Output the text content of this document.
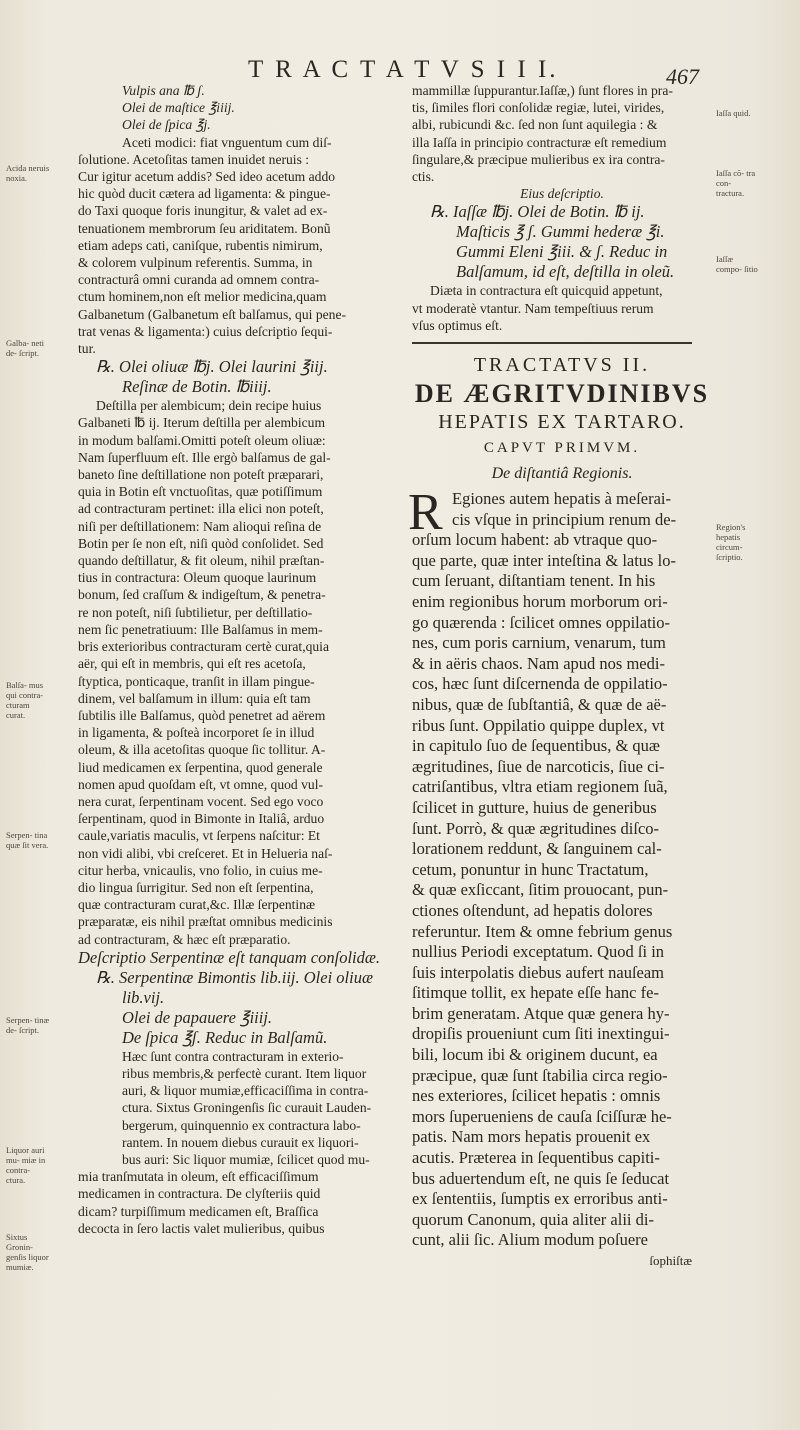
T R A C T A T V S I I I.	467
Acida neruis noxia.
Galba- neti de- ſcript.
Balſa- mus qui contra- cturam curat.
Serpen- tina quæ ſit vera.
Serpen- tinæ de- ſcript.
Liquor auri mu- miæ in contra- ctura.
Sixtus Gronin- genſis liquor mumiæ.
Iaſſa quid.
Iaſſa cõ- tra con- tractura.
Iaſſæ compo- ſitio
Region's hepatis circum- ſcriptio.
Vulpis ana ℔ ʃ.
Olei de maſtice ℥iiij.
Olei de ſpica ℥j.
Aceti modici: fiat vnguentum cum diſ-
ſolutione. Acetoſitas tamen inuidet neruis :
Cur igitur acetum addis? Sed ideo acetum addo
hic quòd ducit cætera ad ligamenta: & pingue-
do Taxi quoque foris inungitur, & valet ad ex-
tenuationem membrorum ſeu ariditatem. Bonũ
etiam adeps cati, caniſque, rubentis nimirum,
& colorem vulpinum referentis. Summa, in
contracturâ omni curanda ad omnem contra-
ctum hominem,non eſt melior medicina,quam
Galbanetum (Galbanetum eſt balſamus, qui pene-
trat venas & ligamenta:) cuius deſcriptio ſequi-
tur.
℞. Olei oliuæ ℔j. Olei laurini ℥iij.
Reſinæ de Botin. ℔iiij.
Deſtilla per alembicum; dein recipe huius
Galbaneti ℔ ij. Iterum deſtilla per alembicum
in modum balſami.Omitti poteſt oleum oliuæ:
Nam ſuperfluum eſt. Ille ergò balſamus de gal-
baneto ſine deſtillatione non poteſt præparari,
quia in Botin eſt vnctuoſitas, quæ potiſſimum
ad contracturam pertinet: illa elici non poteſt,
niſi per deſtillationem: Nam alioqui reſina de
Botin per ſe non eſt, niſi quòd conſolidet. Sed
quando deſtillatur, & fit oleum, nihil præſtan-
tius in contractura: Oleum quoque laurinum
bonum, ſed craſſum & indigeſtum, & penetra-
re non poteſt, niſi ſubtilietur, per deſtillatio-
nem ſic penetratiuum: Ille Balſamus in mem-
bris exterioribus contracturam certè curat,quia
aër, qui eſt in membris, qui eſt res acetoſa,
ſtyptica, ponticaque, tranſit in illam pingue-
dinem, vel balſamum in illum: quia eſt tam
ſubtilis ille Balſamus, quòd penetret ad aërem
in ligamenta, & poſteà incorporet ſe in illud
oleum, & illa acetoſitas quoque ſic tollitur. A-
liud medicamen ex ſerpentina, quod generale
nomen apud quoſdam eſt, vt omne, quod vul-
nera curat, ſerpentinam vocent. Sed ego voco
ſerpentinam, quod in Bimonte in Italiâ, arduo
caule,variatis maculis, vt ſerpens naſcitur: Et
non vidi alibi, vbi creſceret. Et in Helueria naſ-
citur herba, vnicaulis, vno folio, in cuius me-
dio lingua ſurrigitur. Sed non eſt ſerpentina,
quæ contracturam curat,&c. Illæ ſerpentinæ
præparatæ, eis nihil præſtat omnibus medicinis
ad contracturam, & hæc eſt præparatio.
Deſcriptio Serpentinæ eſt tanquam conſolidæ.
℞. Serpentinæ Bimontis lib.iij. Olei oliuæ
lib.vij.
Olei de papauere ℥iiij.
De ſpica ℥ʃ. Reduc in Balſamũ.
Hæc ſunt contra contracturam in exterio-
ribus membris,& perfectè curant. Item liquor
auri, & liquor mumiæ,efficaciſſima in contra-
ctura. Sixtus Groningenſis ſic curauit Lauden-
bergerum, quinquennio ex contractura labo-
rantem. In nouem diebus curauit ex liquori-
bus auri: Sic liquor mumiæ, ſcilicet quod mu-
mia tranſmutata in oleum, eſt efficaciſſimum
medicamen in contractura. De clyſteriis quid
dicam? turpiſſimum medicamen eſt, Braſſica
decocta in ſero lactis valet mulieribus, quibus
mammillæ ſuppurantur.Iaſſæ,) ſunt flores in pra-
tis, ſimiles flori conſolidæ regiæ, lutei, virides,
albi, rubicundi &c. ſed non ſunt aquilegia : &
illa Iaſſa in principio contracturæ eſt remedium
ſingulare,& præcipue mulieribus ex ira contra-
ctis.
Eius deſcriptio.
℞. Iaſſæ ℔j. Olei de Botin. ℔ ij.
Maſticis ℥ ʃ. Gummi hederæ ℥i.
Gummi Eleni ℥iii. & ʃ. Reduc in
Balſamum, id eſt, deſtilla in oleũ.
Diæta in contractura eſt quicquid appetunt,
vt moderatè vtantur. Nam tempeſtiuus rerum
vſus optimus eſt.
TRACTATVS II.
DE ÆGRITVDINIBVS
HEPATIS EX TARTARO.
CAPVT PRIMVM.
De diſtantiâ Regionis.
R Egiones autem hepatis à meſerai-
cis vſque in principium renum de-
orſum locum habent: ab vtraque quo-
que parte, quæ inter inteſtina & latus lo-
cum ſeruant, diſtantiam tenent. In his
enim regionibus horum morborum ori-
go quærenda : ſcilicet omnes oppilatio-
nes, cum poris carnium, venarum, tum
& in aëris chaos. Nam apud nos medi-
cos, hæc ſunt diſcernenda de oppilatio-
nibus, quæ de ſubſtantiâ, & quæ de aë-
ribus ſunt. Oppilatio quippe duplex, vt
in capitulo ſuo de ſequentibus, & quæ
ægritudines, ſiue de narcoticis, ſiue ci-
catriſantibus, vltra etiam regionem ſuã,
ſcilicet in gutture, huius de generibus
ſunt. Porrò, & quæ ægritudines diſco-
lorationem reddunt, & ſanguinem cal-
cetum, ponuntur in hunc Tractatum,
& quæ exſiccant, ſitim prouocant, pun-
ctiones oſtendunt, ad hepatis dolores
referuntur. Item & omne febrium genus
nullius Periodi exceptatum. Quod ſi in
ſuis interpolatis diebus aufert nauſeam
ſitimque tollit, ex hepate eſſe hanc fe-
brim generatam. Atque quæ genera hy-
dropiſis proueniunt cum ſiti inextingui-
bili, locum ibi & originem ducunt, ea
præcipue, quæ ſunt ſtabilia circa regio-
nes exteriores, ſcilicet hepatis : omnis
mors ſuperueniens de cauſa ſciſſuræ he-
patis. Nam mors hepatis prouenit ex
acutis. Præterea in ſequentibus capiti-
bus aduertendum eſt, ne quis ſe ſeducat
ex ſententiis, ſumptis ex erroribus anti-
quorum Canonum, quia aliter alii di-
cunt, alii ſic. Alium modum poſuere
ſophiſtæ
